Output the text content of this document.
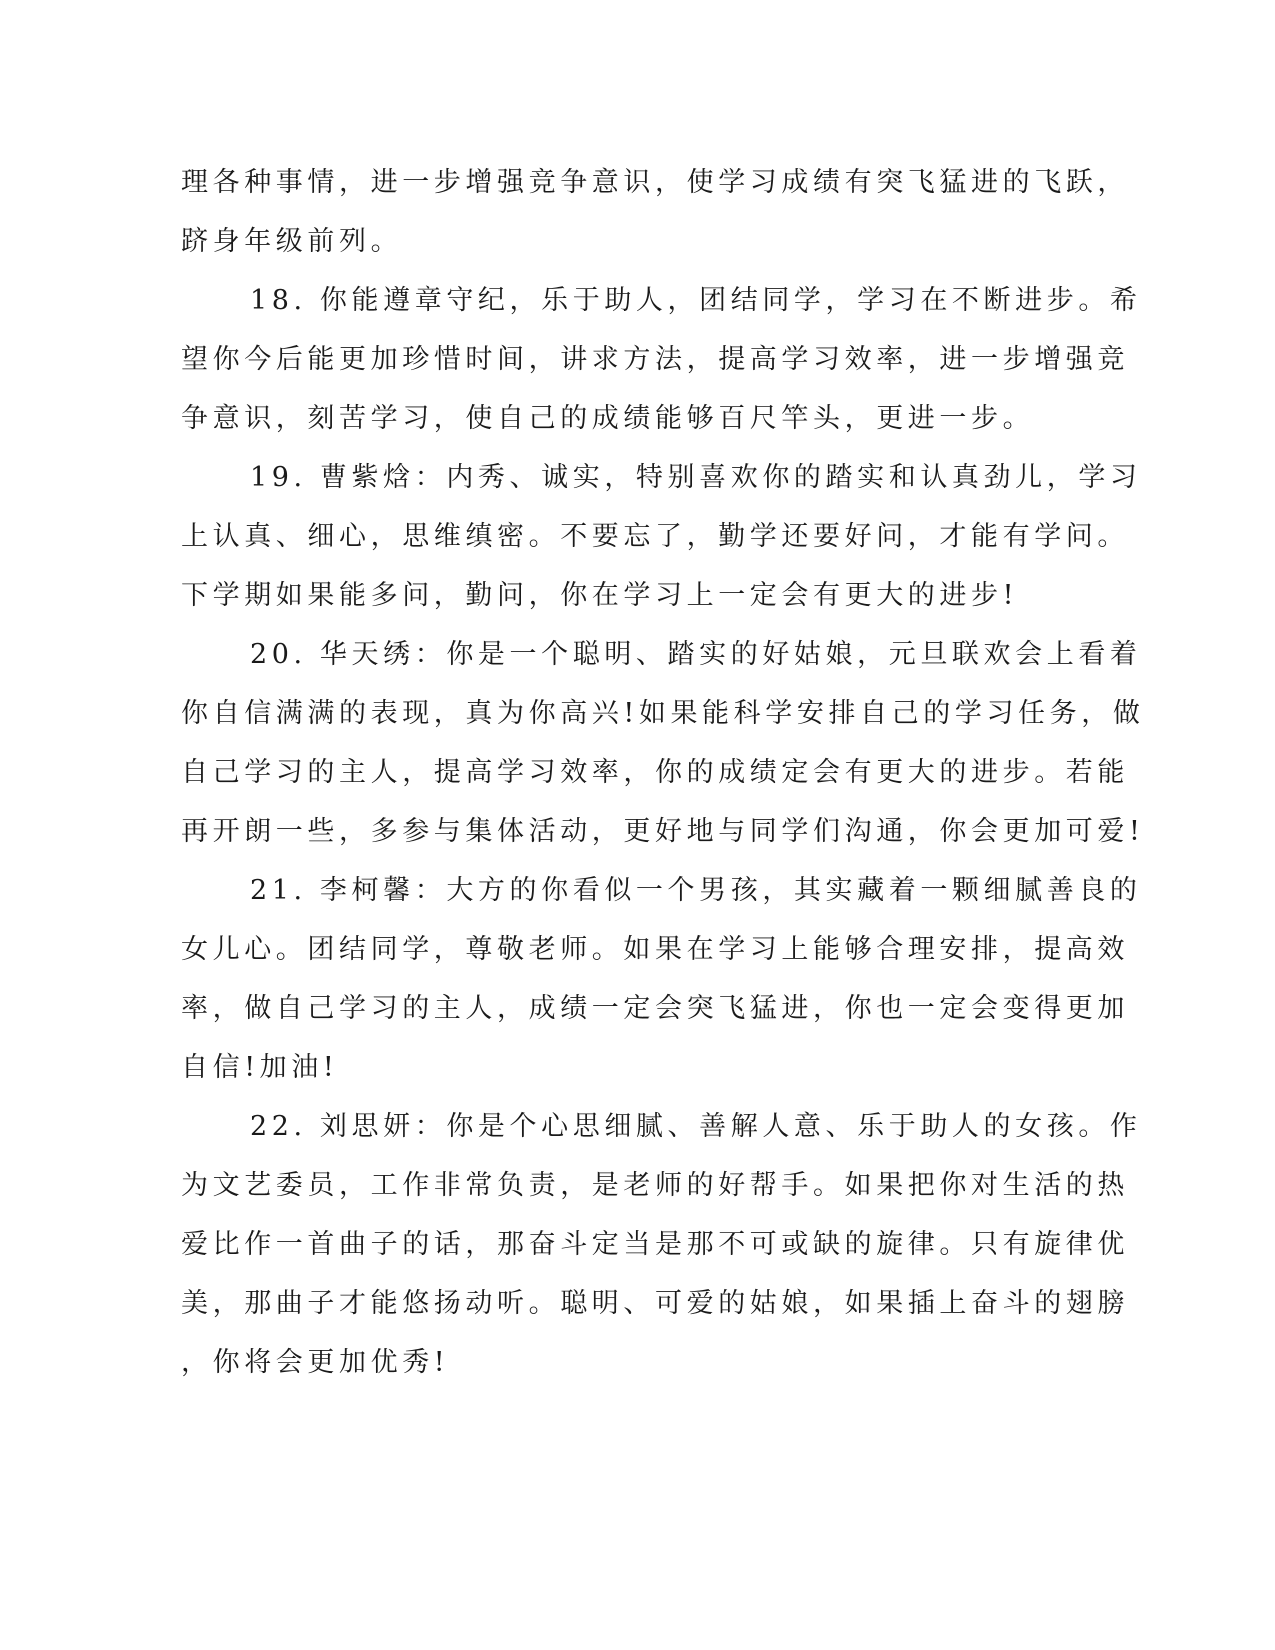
理各种事情，进一步增强竞争意识，使学习成绩有突飞猛进的飞跃，
跻身年级前列。
18. 你能遵章守纪，乐于助人，团结同学，学习在不断进步。希
望你今后能更加珍惜时间，讲求方法，提高学习效率，进一步增强竞
争意识，刻苦学习，使自己的成绩能够百尺竿头，更进一步。
19. 曹紫焓：内秀、诚实，特别喜欢你的踏实和认真劲儿，学习
上认真、细心，思维缜密。不要忘了，勤学还要好问，才能有学问。
下学期如果能多问，勤问，你在学习上一定会有更大的进步!
20. 华天绣：你是一个聪明、踏实的好姑娘，元旦联欢会上看着
你自信满满的表现，真为你高兴!如果能科学安排自己的学习任务，做
自己学习的主人，提高学习效率，你的成绩定会有更大的进步。若能
再开朗一些，多参与集体活动，更好地与同学们沟通，你会更加可爱!
21. 李柯馨：大方的你看似一个男孩，其实藏着一颗细腻善良的
女儿心。团结同学，尊敬老师。如果在学习上能够合理安排，提高效
率，做自己学习的主人，成绩一定会突飞猛进，你也一定会变得更加
自信!加油!
22. 刘思妍：你是个心思细腻、善解人意、乐于助人的女孩。作
为文艺委员，工作非常负责，是老师的好帮手。如果把你对生活的热
爱比作一首曲子的话，那奋斗定当是那不可或缺的旋律。只有旋律优
美，那曲子才能悠扬动听。聪明、可爱的姑娘，如果插上奋斗的翅膀
，你将会更加优秀!
